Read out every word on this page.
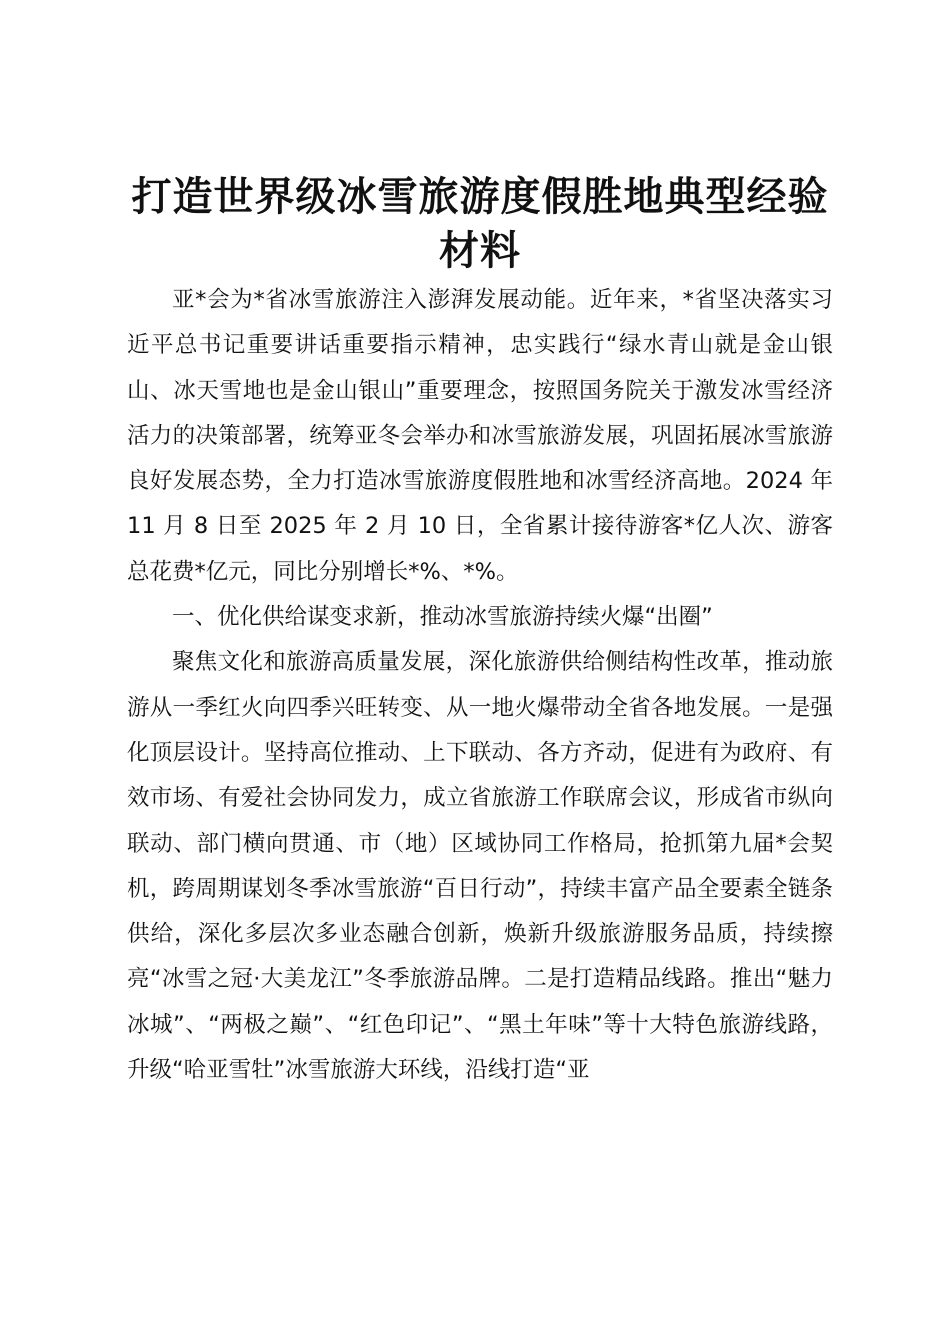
打造世界级冰雪旅游度假胜地典型经验材料

亚*会为*省冰雪旅游注入澎湃发展动能。近年来，*省坚决落实习近平总书记重要讲话重要指示精神，忠实践行“绿水青山就是金山银山、冰天雪地也是金山银山”重要理念，按照国务院关于激发冰雪经济活力的决策部署，统筹亚冬会举办和冰雪旅游发展，巩固拓展冰雪旅游良好发展态势，全力打造冰雪旅游度假胜地和冰雪经济高地。2024 年 11 月 8 日至 2025 年 2 月 10 日，全省累计接待游客*亿人次、游客总花费*亿元，同比分别增长*%、*%。

一、优化供给谋变求新，推动冰雪旅游持续火爆“出圈”

聚焦文化和旅游高质量发展，深化旅游供给侧结构性改革，推动旅游从一季红火向四季兴旺转变、从一地火爆带动全省各地发展。一是强化顶层设计。坚持高位推动、上下联动、各方齐动，促进有为政府、有效市场、有爱社会协同发力，成立省旅游工作联席会议，形成省市纵向联动、部门横向贯通、市（地）区域协同工作格局，抢抓第九届*会契机，跨周期谋划冬季冰雪旅游“百日行动”，持续丰富产品全要素全链条供给，深化多层次多业态融合创新，焕新升级旅游服务品质，持续擦亮“冰雪之冠·大美龙江”冬季旅游品牌。二是打造精品线路。推出“魅力冰城”、“两极之巅”、“红色印记”、“黑土年味”等十大特色旅游线路，升级“哈亚雪牡”冰雪旅游大环线，沿线打造“亚
